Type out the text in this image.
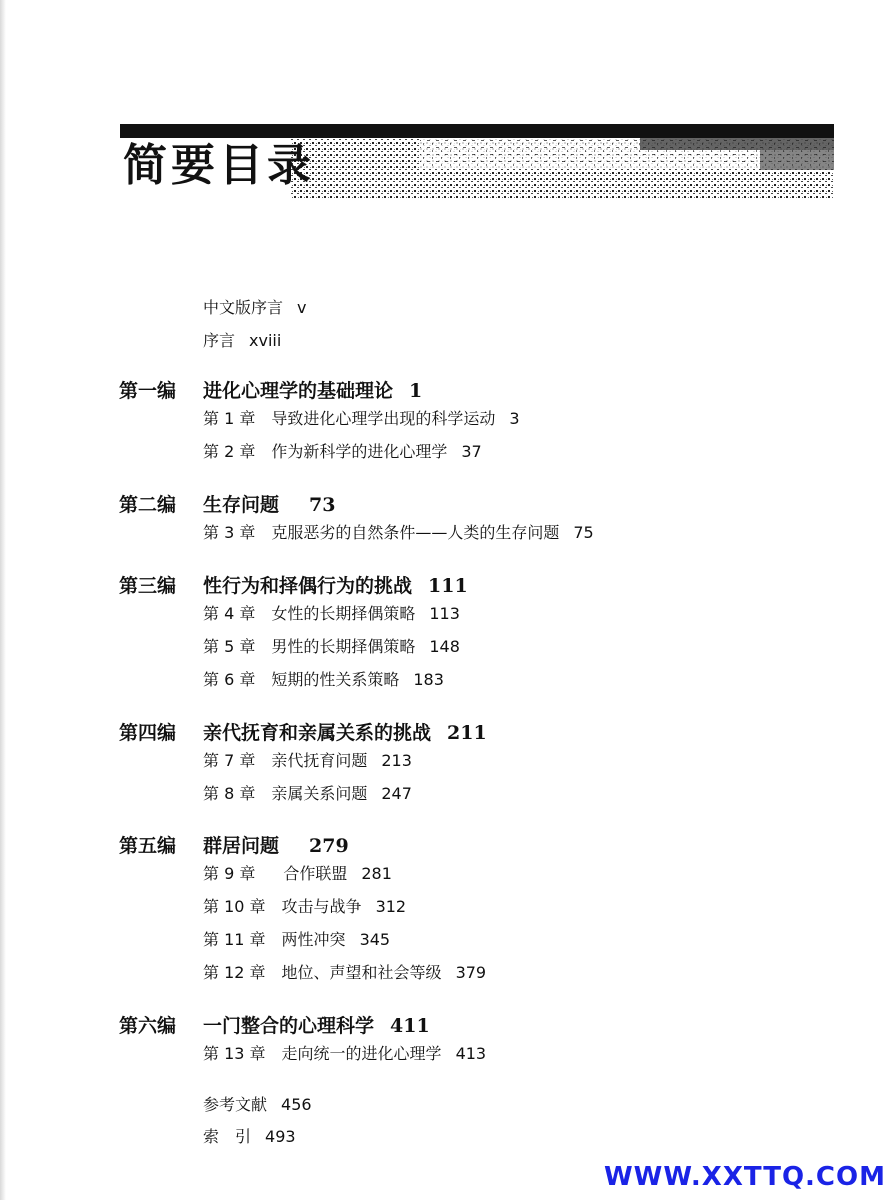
简要目录
中文版序言 v
序言 xviii
第一编 进化心理学的基础理论 1
第 1 章 导致进化心理学出现的科学运动 3
第 2 章 作为新科学的进化心理学 37
第二编 生存问题 73
第 3 章 克服恶劣的自然条件——人类的生存问题 75
第三编 性行为和择偶行为的挑战 111
第 4 章 女性的长期择偶策略 113
第 5 章 男性的长期择偶策略 148
第 6 章 短期的性关系策略 183
第四编 亲代抚育和亲属关系的挑战 211
第 7 章 亲代抚育问题 213
第 8 章 亲属关系问题 247
第五编 群居问题 279
第 9 章 合作联盟 281
第 10 章 攻击与战争 312
第 11 章 两性冲突 345
第 12 章 地位、声望和社会等级 379
第六编 一门整合的心理科学 411
第 13 章 走向统一的进化心理学 413
参考文献 456
索　引 493
WWW.XXTTQ.COM
